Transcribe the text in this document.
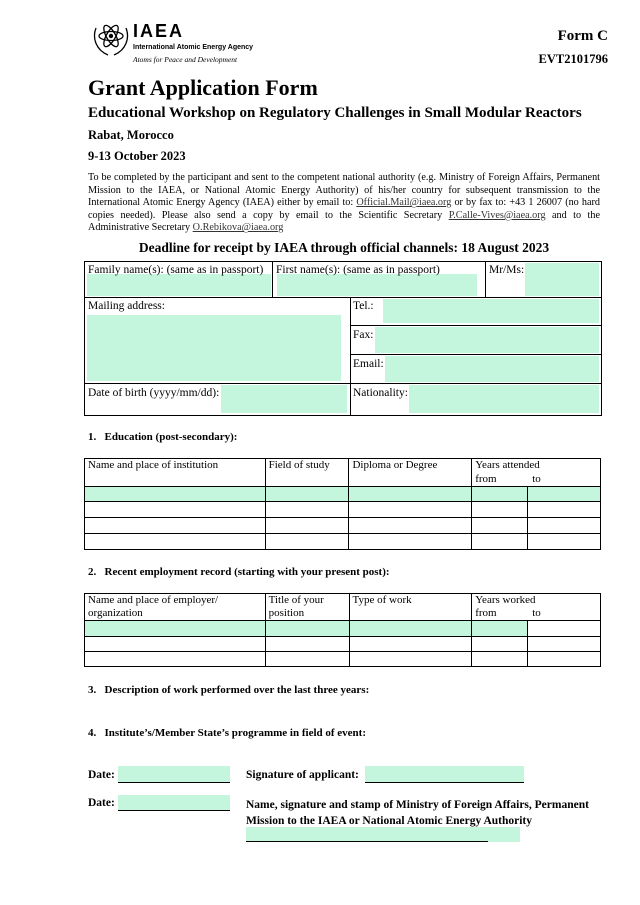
IAEA
International Atomic Energy Agency
Atoms for Peace and Development
Form C
EVT2101796
Grant Application Form
Educational Workshop on Regulatory Challenges in Small Modular Reactors
Rabat, Morocco
9-13 October 2023
To be completed by the participant and sent to the competent national authority (e.g. Ministry of Foreign Affairs, Permanent Mission to the IAEA, or National Atomic Energy Authority) of his/her country for subsequent transmission to the International Atomic Energy Agency (IAEA) either by email to: Official.Mail@iaea.org or by fax to: +43 1 26007 (no hard copies needed). Please also send a copy by email to the Scientific Secretary P.Calle-Vives@iaea.org and to the Administrative Secretary O.Rebikova@iaea.org
Deadline for receipt by IAEA through official channels: 18 August 2023
Family name(s): (same as in passport) First name(s): (same as in passport)	Mr/Ms:
Mailing address:	Tel.:
Fax:
Email:
Date of birth (yyyy/mm/dd):	Nationality:
1.   Education (post-secondary):
Name and place of institution	Field of study	Diploma or Degree	Years attended
from to	

2.   Recent employment record (starting with your present post):
Name and place of employer/
organization	Title of your
position	Type of work	Years worked
from to	

3.   Description of work performed over the last three years:
4.   Institute’s/Member State’s programme in field of event:
Date:	Signature of applicant:
Date:	Name, signature and stamp of Ministry of Foreign Affairs, Permanent
Mission to the IAEA or National Atomic Energy Authority
